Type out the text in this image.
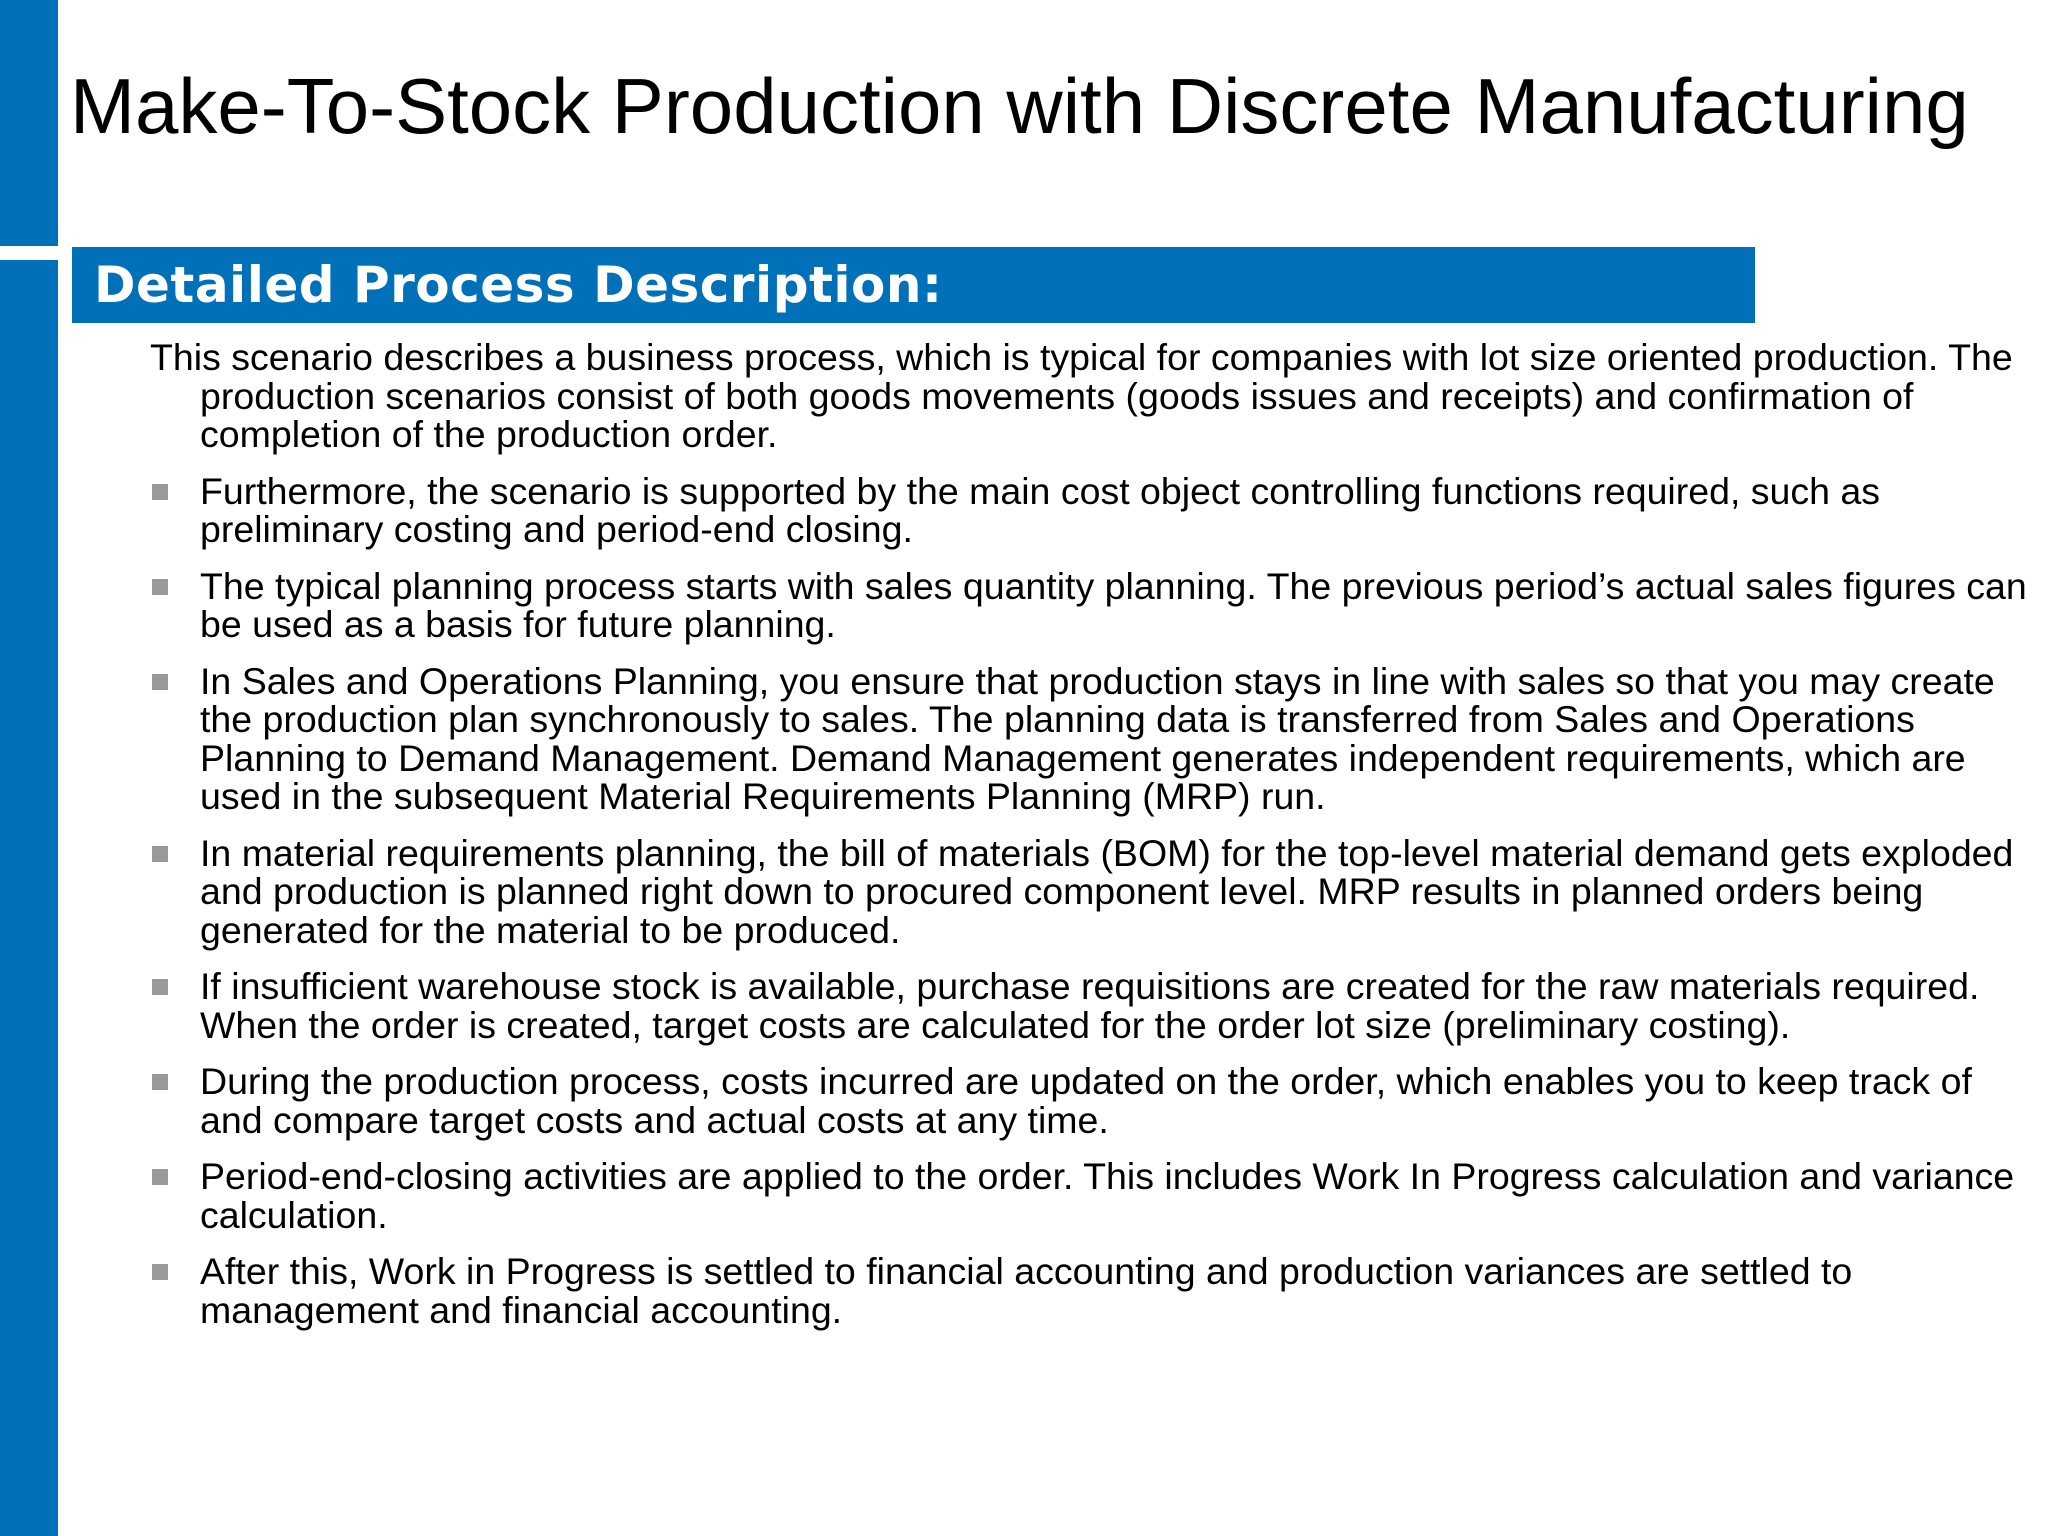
Make-To-Stock Production with Discrete Manufacturing
Detailed Process Description:

This scenario describes a business process, which is typical for companies with lot size oriented production. The production scenarios consist of both goods movements (goods issues and receipts) and confirmation of completion of the production order.

Furthermore, the scenario is supported by the main cost object controlling functions required, such as preliminary costing and period-end closing.
The typical planning process starts with sales quantity planning. The previous period’s actual sales figures can be used as a basis for future planning.
In Sales and Operations Planning, you ensure that production stays in line with sales so that you may create the production plan synchronously to sales. The planning data is transferred from Sales and Operations Planning to Demand Management. Demand Management generates independent requirements, which are used in the subsequent Material Requirements Planning (MRP) run.
In material requirements planning, the bill of materials (BOM) for the top-level material demand gets exploded and production is planned right down to procured component level. MRP results in planned orders being generated for the material to be produced.
If insufficient warehouse stock is available, purchase requisitions are created for the raw materials required. When the order is created, target costs are calculated for the order lot size (preliminary costing).
During the production process, costs incurred are updated on the order, which enables you to keep track of and compare target costs and actual costs at any time.
Period-end-closing activities are applied to the order. This includes Work In Progress calculation and variance calculation.
After this, Work in Progress is settled to financial accounting and production variances are settled to management and financial accounting.
